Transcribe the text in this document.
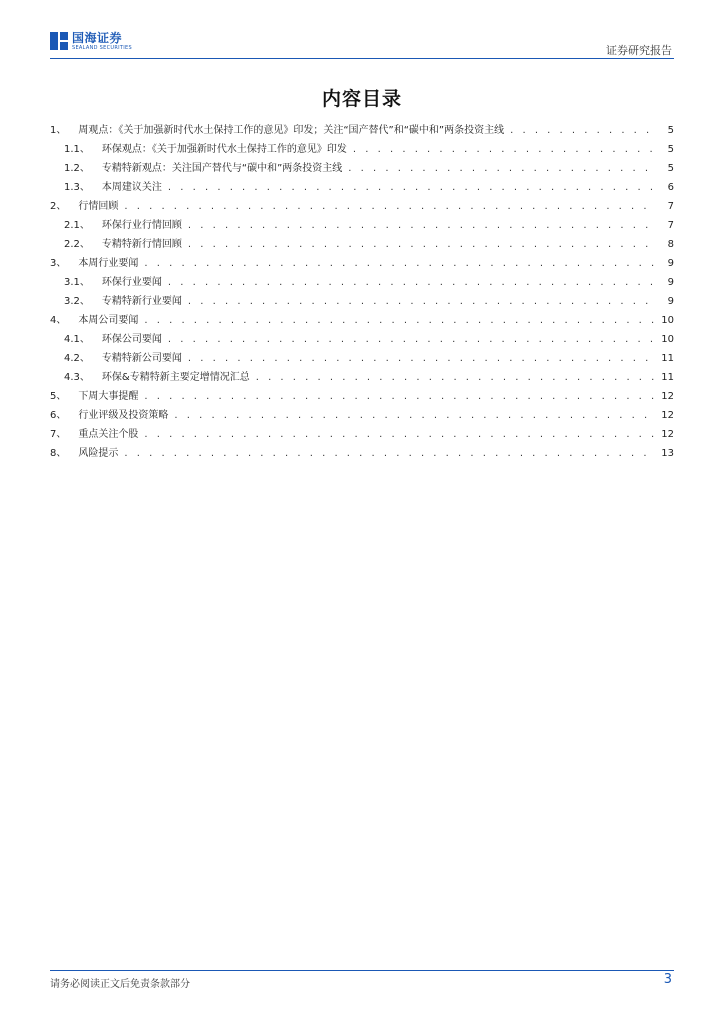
国海证券
SEALAND SECURITIES	证券研究报告
内容目录
1、 周观点：《关于加强新时代水土保持工作的意见》印发；关注“国产替代”和“碳中和”两条投资主线 . . .	5
1.1、 环保观点：《关于加强新时代水土保持工作的意见》印发 . . .	5
1.2、 专精特新观点：关注国产替代与“碳中和”两条投资主线 . . .	5
1.3、 本周建议关注 . . .	6
2、 行情回顾 . . .	7
2.1、 环保行业行情回顾 . . .	7
2.2、 专精特新行情回顾 . . .	8
3、 本周行业要闻 . . .	9
3.1、 环保行业要闻 . . .	9
3.2、 专精特新行业要闻 . . .	9
4、 本周公司要闻 . . .	10
4.1、 环保公司要闻 . . .	10
4.2、 专精特新公司要闻 . . .	11
4.3、 环保&专精特新主要定增情况汇总 . . .	11
5、 下周大事提醒 . . .	12
6、 行业评级及投资策略 . . .	12
7、 重点关注个股 . . .	12
8、 风险提示 . . .	13
请务必阅读正文后免责条款部分	3
